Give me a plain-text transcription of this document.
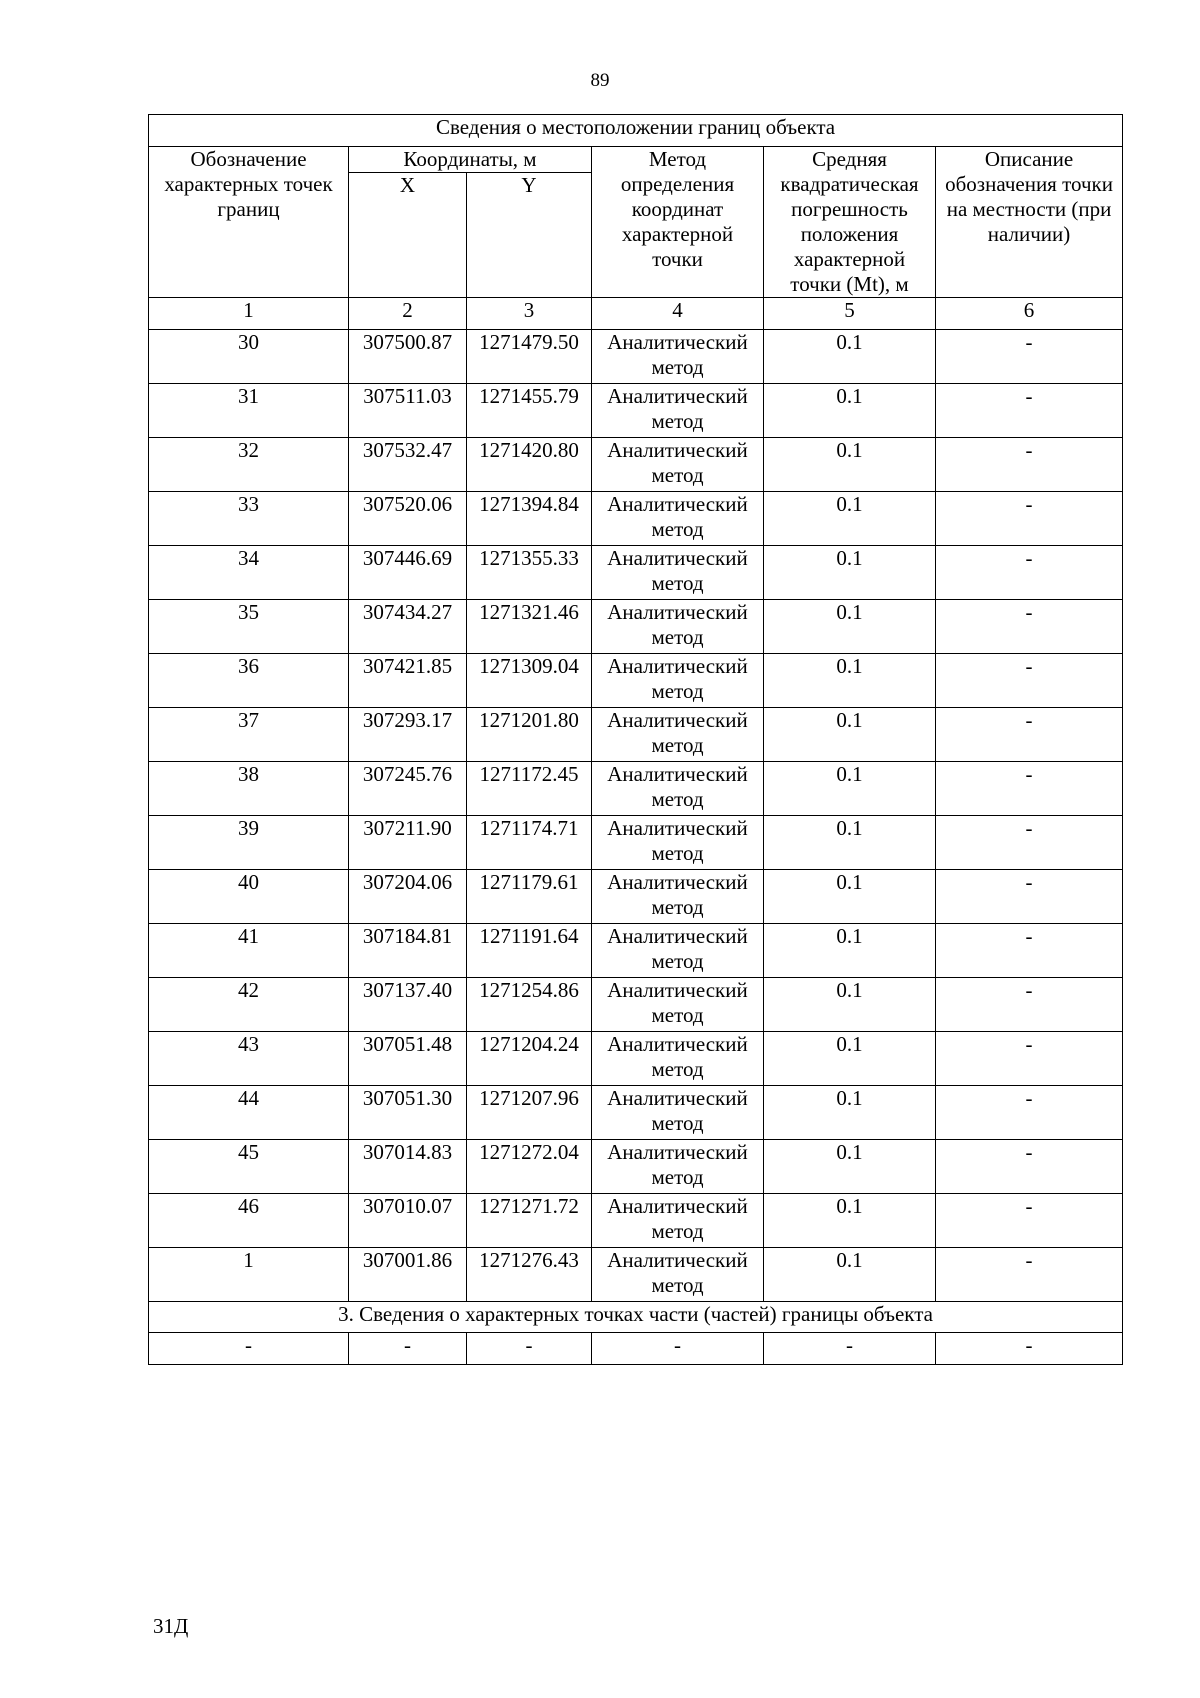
89
Сведения о местоположении границ объекта					
Обозначение характерных точек границ	Координаты, м		Метод определения координат характерной точки	Средняя квадратическая погрешность положения характерной точки (Mt), м	Описание обозначения точки на местности (при наличии)
	X	Y			
1	2	3	4	5	6
30	307500.87	1271479.50	Аналитический метод	0.1	-
31	307511.03	1271455.79	Аналитический метод	0.1	-
32	307532.47	1271420.80	Аналитический метод	0.1	-
33	307520.06	1271394.84	Аналитический метод	0.1	-
34	307446.69	1271355.33	Аналитический метод	0.1	-
35	307434.27	1271321.46	Аналитический метод	0.1	-
36	307421.85	1271309.04	Аналитический метод	0.1	-
37	307293.17	1271201.80	Аналитический метод	0.1	-
38	307245.76	1271172.45	Аналитический метод	0.1	-
39	307211.90	1271174.71	Аналитический метод	0.1	-
40	307204.06	1271179.61	Аналитический метод	0.1	-
41	307184.81	1271191.64	Аналитический метод	0.1	-
42	307137.40	1271254.86	Аналитический метод	0.1	-
43	307051.48	1271204.24	Аналитический метод	0.1	-
44	307051.30	1271207.96	Аналитический метод	0.1	-
45	307014.83	1271272.04	Аналитический метод	0.1	-
46	307010.07	1271271.72	Аналитический метод	0.1	-
1	307001.86	1271276.43	Аналитический метод	0.1	-
3. Сведения о характерных точках части (частей) границы объекта					
-	-	-	-	-	-
31Д
